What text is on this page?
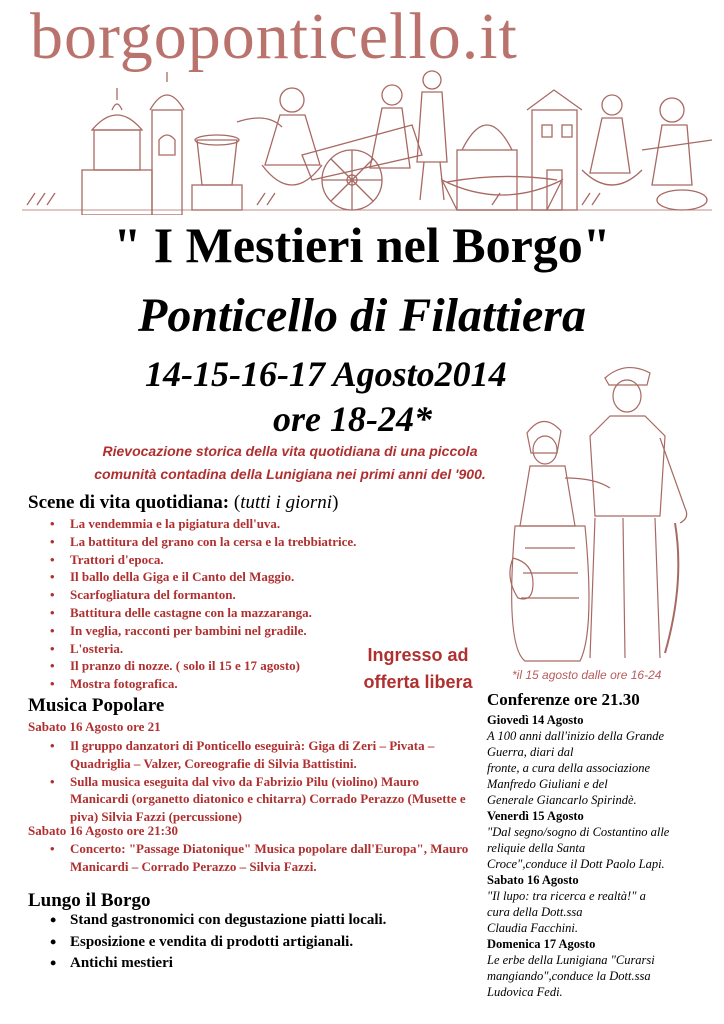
borgoponticello.it
" I Mestieri nel Borgo"
Ponticello di Filattiera
14-15-16-17 Agosto2014
ore 18-24*
Rievocazione storica della vita quotidiana di una piccola
comunità contadina della Lunigiana nei primi anni del '900.
*il 15 agosto dalle ore 16-24
Scene di vita quotidiana: (tutti i giorni)
• La vendemmia e la pigiatura dell'uva.
• La battitura del grano con la cersa e la trebbiatrice.
• Trattori d'epoca.
• Il ballo della Giga e il Canto del Maggio.
• Scarfogliatura del formanton.
• Battitura delle castagne con la mazzaranga.
• In veglia, racconti per bambini nel gradile.
• L'osteria.
• Il pranzo di nozze. ( solo il 15 e 17 agosto)
• Mostra fotografica.
Ingresso ad
offerta libera
Musica Popolare
Sabato 16 Agosto ore 21
• Il gruppo danzatori di Ponticello eseguirà: Giga di Zeri – Pivata – Quadriglia – Valzer, Coreografie di Silvia Battistini.
• Sulla musica eseguita dal vivo da Fabrizio Pilu (violino) Mauro Manicardi (organetto diatonico e chitarra) Corrado Perazzo (Musette e piva) Silvia Fazzi (percussione)
Sabato 16 Agosto ore 21:30
• Concerto: "Passage Diatonique" Musica popolare dall'Europa", Mauro Manicardi – Corrado Perazzo – Silvia Fazzi.
Lungo il Borgo
• Stand gastronomici con degustazione piatti locali.
• Esposizione e vendita di prodotti artigianali.
• Antichi mestieri
Conferenze ore 21.30
Giovedì 14 Agosto
A 100 anni dall'inizio della Grande
Guerra, diari dal
fronte, a cura della associazione
Manfredo Giuliani e del
Generale Giancarlo Spirindè.
Venerdì 15 Agosto
"Dal segno/sogno di Costantino alle
reliquie della Santa
Croce",conduce il Dott Paolo Lapi.
Sabato 16 Agosto
"Il lupo: tra ricerca e realtà!" a
cura della Dott.ssa
Claudia Facchini.
Domenica 17 Agosto
Le erbe della Lunigiana "Curarsi
mangiando",conduce la Dott.ssa
Ludovica Fedi.
